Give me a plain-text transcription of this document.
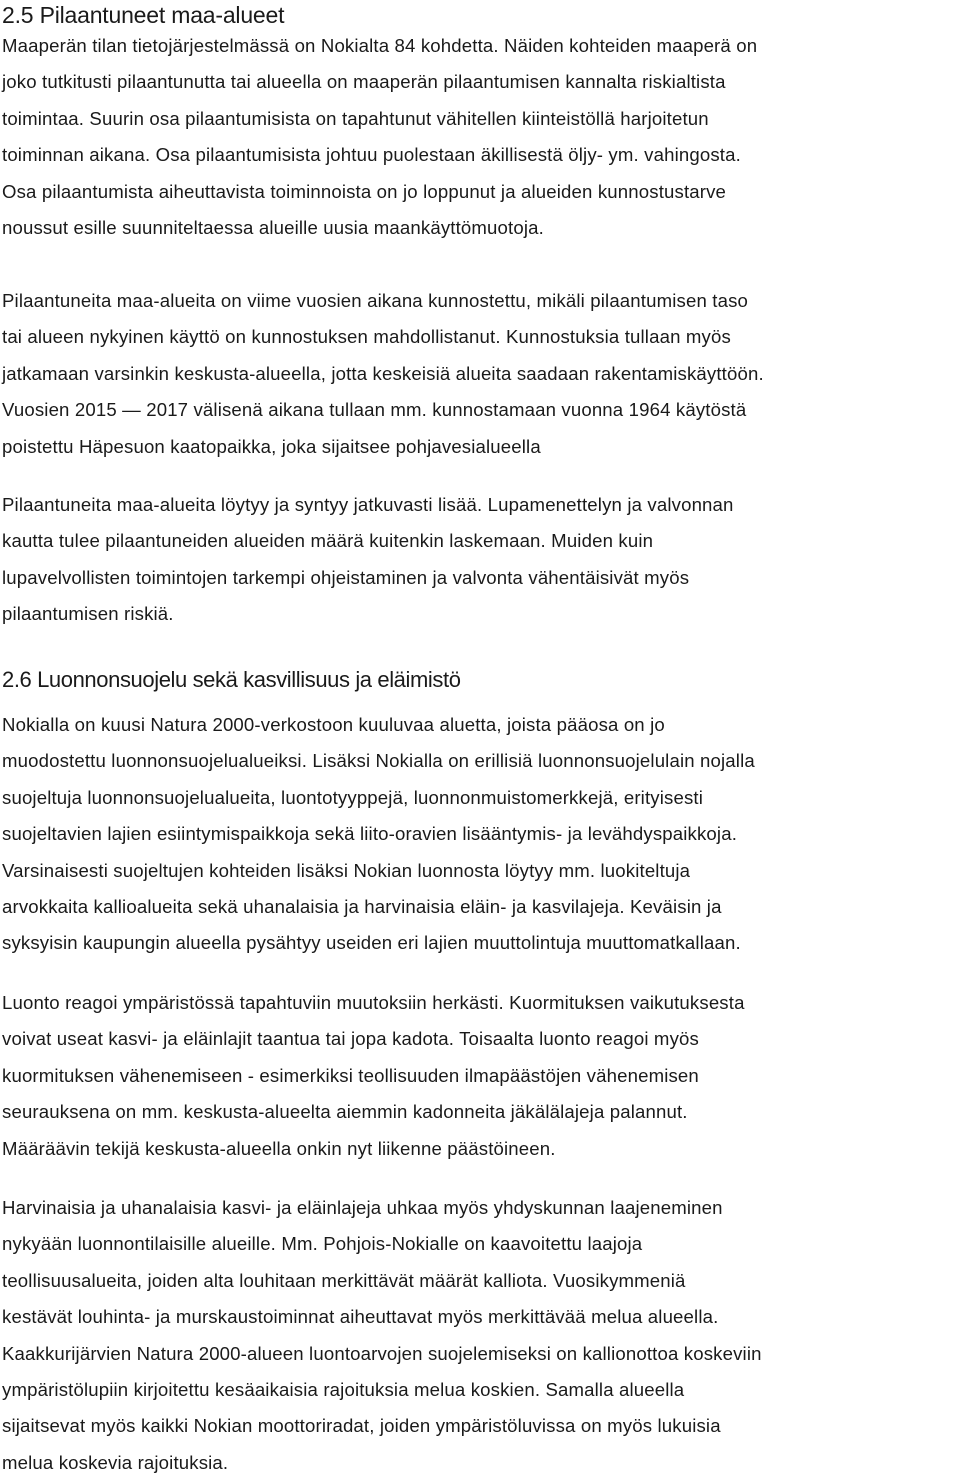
2.5 Pilaantuneet maa-alueet

Maaperän tilan tietojärjestelmässä on Nokialta 84 kohdetta. Näiden kohteiden maaperä on
joko tutkitusti pilaantunutta tai alueella on maaperän pilaantumisen kannalta riskialtista
toimintaa. Suurin osa pilaantumisista on tapahtunut vähitellen kiinteistöllä harjoitetun
toiminnan aikana. Osa pilaantumisista johtuu puolestaan äkillisestä öljy- ym. vahingosta.
Osa pilaantumista aiheuttavista toiminnoista on jo loppunut ja alueiden kunnostustarve
noussut esille suunniteltaessa alueille uusia maankäyttömuotoja.

Pilaantuneita maa-alueita on viime vuosien aikana kunnostettu, mikäli pilaantumisen taso
tai alueen nykyinen käyttö on kunnostuksen mahdollistanut. Kunnostuksia tullaan myös
jatkamaan varsinkin keskusta-alueella, jotta keskeisiä alueita saadaan rakentamiskäyttöön.
Vuosien 2015 — 2017 välisenä aikana tullaan mm. kunnostamaan vuonna 1964 käytöstä
poistettu Häpesuon kaatopaikka, joka sijaitsee pohjavesialueella

Pilaantuneita maa-alueita löytyy ja syntyy jatkuvasti lisää. Lupamenettelyn ja valvonnan
kautta tulee pilaantuneiden alueiden määrä kuitenkin laskemaan. Muiden kuin
lupavelvollisten toimintojen tarkempi ohjeistaminen ja valvonta vähentäisivät myös
pilaantumisen riskiä.

2.6 Luonnonsuojelu sekä kasvillisuus ja eläimistö

Nokialla on kuusi Natura 2000-verkostoon kuuluvaa aluetta, joista pääosa on jo
muodostettu luonnonsuojelualueiksi. Lisäksi Nokialla on erillisiä luonnonsuojelulain nojalla
suojeltuja luonnonsuojelualueita, luontotyyppejä, luonnonmuistomerkkejä, erityisesti
suojeltavien lajien esiintymispaikkoja sekä liito-oravien lisääntymis- ja levähdyspaikkoja.
Varsinaisesti suojeltujen kohteiden lisäksi Nokian luonnosta löytyy mm. luokiteltuja
arvokkaita kallioalueita sekä uhanalaisia ja harvinaisia eläin- ja kasvilajeja. Keväisin ja
syksyisin kaupungin alueella pysähtyy useiden eri lajien muuttolintuja muuttomatkallaan.

Luonto reagoi ympäristössä tapahtuviin muutoksiin herkästi. Kuormituksen vaikutuksesta
voivat useat kasvi- ja eläinlajit taantua tai jopa kadota. Toisaalta luonto reagoi myös
kuormituksen vähenemiseen - esimerkiksi teollisuuden ilmapäästöjen vähenemisen
seurauksena on mm. keskusta-alueelta aiemmin kadonneita jäkälälajeja palannut.
Määräävin tekijä keskusta-alueella onkin nyt liikenne päästöineen.

Harvinaisia ja uhanalaisia kasvi- ja eläinlajeja uhkaa myös yhdyskunnan laajeneminen
nykyään luonnontilaisille alueille. Mm. Pohjois-Nokialle on kaavoitettu laajoja
teollisuusalueita, joiden alta louhitaan merkittävät määrät kalliota. Vuosikymmeniä
kestävät louhinta- ja murskaustoiminnat aiheuttavat myös merkittävää melua alueella.
Kaakkurijärvien Natura 2000-alueen luontoarvojen suojelemiseksi on kallionottoa koskeviin
ympäristölupiin kirjoitettu kesäaikaisia rajoituksia melua koskien. Samalla alueella
sijaitsevat myös kaikki Nokian moottoriradat, joiden ympäristöluvissa on myös lukuisia
melua koskevia rajoituksia.
